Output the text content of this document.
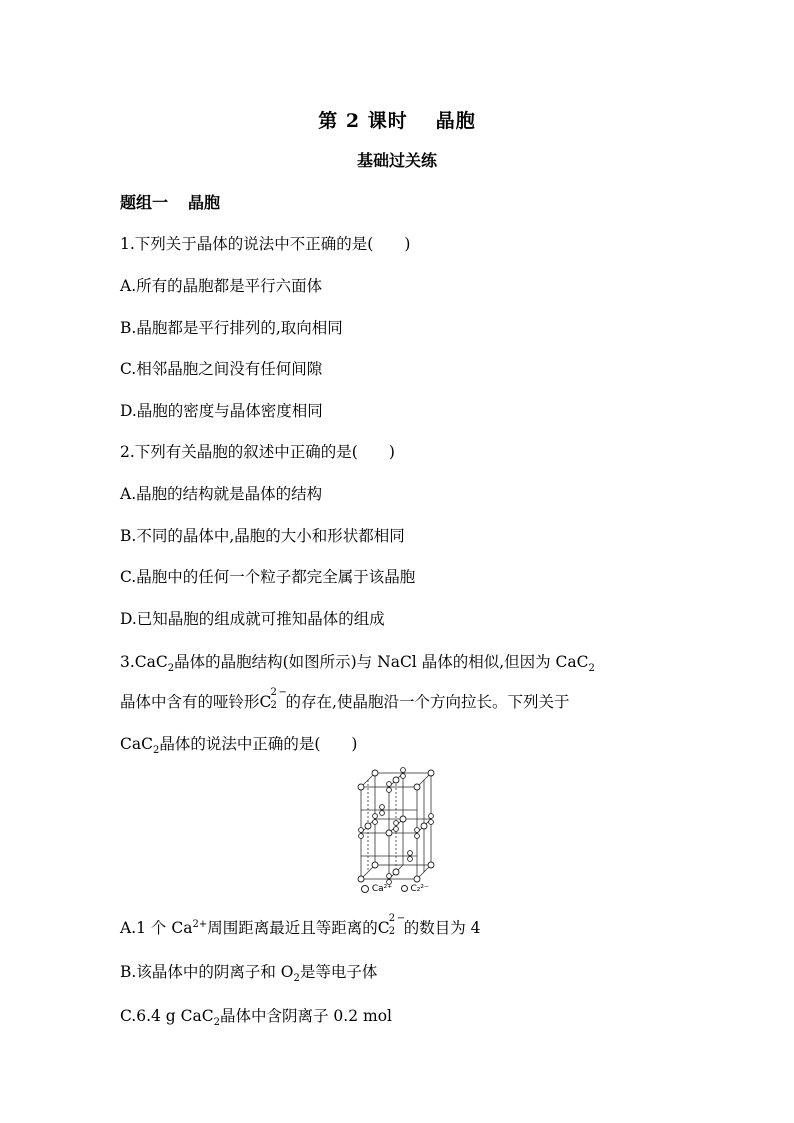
第 2 课时 晶胞
基础过关练
题组一 晶胞
1.下列关于晶体的说法中不正确的是(　　)
A.所有的晶胞都是平行六面体
B.晶胞都是平行排列的,取向相同
C.相邻晶胞之间没有任何间隙
D.晶胞的密度与晶体密度相同
2.下列有关晶胞的叙述中正确的是(　　)
A.晶胞的结构就是晶体的结构
B.不同的晶体中,晶胞的大小和形状都相同
C.晶胞中的任何一个粒子都完全属于该晶胞
D.已知晶胞的组成就可推知晶体的组成
3.CaC$_2$晶体的晶胞结构(如图所示)与 NaCl 晶体的相似,但因为 CaC$_2$
晶体中含有的哑铃形 C
2
2
−
的存在,使晶胞沿一个方向拉长。下列关于
CaC$_2$晶体的说法中正确的是(　　)
Ca²⁺ C₂²⁻
A.1 个 $Ca^{2+}$周围距离最近且等距离的 C
2
2
−
的数目为 4
B.该晶体中的阴离子和 $O_2$是等电子体
C.6.4 g CaC$_2$晶体中含阴离子 0.2 mol
